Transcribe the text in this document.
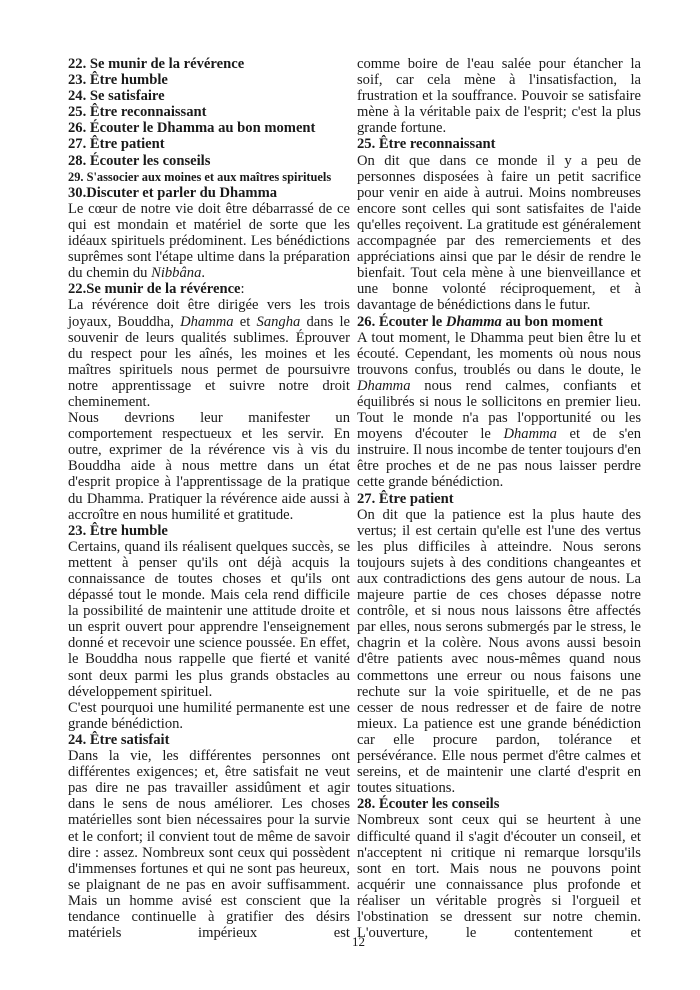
22. Se munir de la révérence
23. Être humble
24. Se satisfaire
25. Être reconnaissant
26. Écouter le Dhamma au bon moment
27. Être patient
28. Écouter les conseils
29. S'associer aux moines et aux maîtres spirituels
30.Discuter et parler du Dhamma

Le cœur de notre vie doit être débarrassé de ce qui est mondain et matériel de sorte que les idéaux spirituels prédominent. Les bénédictions suprêmes sont l'étape ultime dans la préparation du chemin du Nibbâna.

22.Se munir de la révérence:

La révérence doit être dirigée vers les trois joyaux, Bouddha, Dhamma et Sangha dans le souvenir de leurs qualités sublimes. Éprouver du respect pour les aînés, les moines et les maîtres spirituels nous permet de poursuivre notre apprentissage et suivre notre droit cheminement.

Nous devrions leur manifester un comportement respectueux et les servir. En outre, exprimer de la révérence vis à vis du Bouddha aide à nous mettre dans un état d'esprit propice à l'apprentissage de la pratique du Dhamma. Pratiquer la révérence aide aussi à accroître en nous humilité et gratitude.

23. Être humble

Certains, quand ils réalisent quelques succès, se mettent à penser qu'ils ont déjà acquis la connaissance de toutes choses et qu'ils ont dépassé tout le monde. Mais cela rend difficile la possibilité de maintenir une attitude droite et un esprit ouvert pour apprendre l'enseignement donné et recevoir une science poussée. En effet, le Bouddha nous rappelle que fierté et vanité sont deux parmi les plus grands obstacles au développement spirituel.

C'est pourquoi une humilité permanente est une grande bénédiction.

24. Être satisfait

Dans la vie, les différentes personnes ont différentes exigences; et, être satisfait ne veut pas dire ne pas travailler assidûment et agir dans le sens de nous améliorer. Les choses matérielles sont bien nécessaires pour la survie et le confort; il convient tout de même de savoir dire : assez. Nombreux sont ceux qui possèdent d'immenses fortunes et qui ne sont pas heureux, se plaignant de ne pas en avoir suffisamment. Mais un homme avisé est conscient que la tendance continuelle à gratifier des désirs matériels impérieux est

comme boire de l'eau salée pour étancher la soif, car cela mène à l'insatisfaction, la frustration et la souffrance. Pouvoir se satisfaire mène à la véritable paix de l'esprit; c'est la plus grande fortune.

25. Être reconnaissant

On dit que dans ce monde il y a peu de personnes disposées à faire un petit sacrifice pour venir en aide à autrui. Moins nombreuses encore sont celles qui sont satisfaites de l'aide qu'elles reçoivent. La gratitude est généralement accompagnée par des remerciements et des appréciations ainsi que par le désir de rendre le bienfait. Tout cela mène à une bienveillance et une bonne volonté réciproquement, et à davantage de bénédictions dans le futur.

26. Écouter le Dhamma au bon moment

A tout moment, le Dhamma peut bien être lu et écouté. Cependant, les moments où nous nous trouvons confus, troublés ou dans le doute, le Dhamma nous rend calmes, confiants et équilibrés si nous le sollicitons en premier lieu. Tout le monde n'a pas l'opportunité ou les moyens d'écouter le Dhamma et de s'en instruire. Il nous incombe de tenter toujours d'en être proches et de ne pas nous laisser perdre cette grande bénédiction.

27. Être patient

On dit que la patience est la plus haute des vertus; il est certain qu'elle est l'une des vertus les plus difficiles à atteindre. Nous serons toujours sujets à des conditions changeantes et aux contradictions des gens autour de nous. La majeure partie de ces choses dépasse notre contrôle, et si nous nous laissons être affectés par elles, nous serons submergés par le stress, le chagrin et la colère. Nous avons aussi besoin d'être patients avec nous-mêmes quand nous commettons une erreur ou nous faisons une rechute sur la voie spirituelle, et de ne pas cesser de nous redresser et de faire de notre mieux. La patience est une grande bénédiction car elle procure pardon, tolérance et persévérance. Elle nous permet d'être calmes et sereins, et de maintenir une clarté d'esprit en toutes situations.

28. Écouter les conseils

Nombreux sont ceux qui se heurtent à une difficulté quand il s'agit d'écouter un conseil, et n'acceptent ni critique ni remarque lorsqu'ils sont en tort. Mais nous ne pouvons point acquérir une connaissance plus profonde et réaliser un véritable progrès si l'orgueil et l'obstination se dressent sur notre chemin. L'ouverture, le contentement et

12
